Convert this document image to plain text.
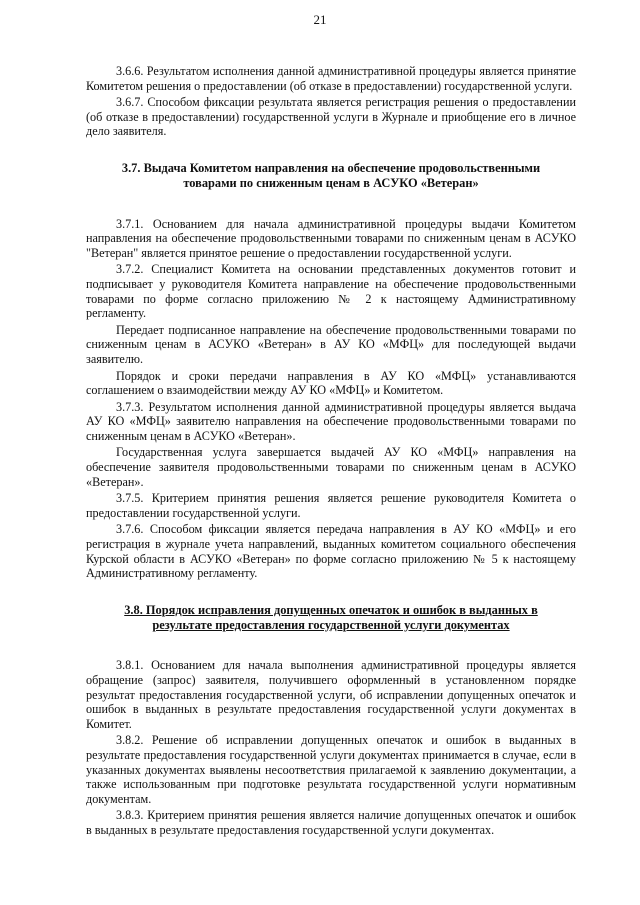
21

3.6.6. Результатом исполнения данной административной процедуры является принятие Комитетом решения о предоставлении (об отказе в предоставлении) государственной услуги.

3.6.7. Способом фиксации результата является регистрация решения о предоставлении (об отказе в предоставлении) государственной услуги в Журнале и приобщение его в личное дело заявителя.

3.7. Выдача Комитетом направления на обеспечение продовольственными
товарами по сниженным ценам в АСУКО «Ветеран»

3.7.1. Основанием для начала административной процедуры выдачи Комитетом направления на обеспечение продовольственными товарами по сниженным ценам в АСУКО "Ветеран" является принятое решение о предоставлении государственной услуги.

3.7.2. Специалист Комитета на основании представленных документов готовит и подписывает у руководителя Комитета направление на обеспечение продовольственными товарами по форме согласно приложению № 2 к настоящему Административному регламенту.

Передает подписанное направление на обеспечение продовольственными товарами по сниженным ценам в АСУКО «Ветеран» в АУ КО «МФЦ» для последующей выдачи заявителю.

Порядок и сроки передачи направления в АУ КО «МФЦ» устанавливаются соглашением о взаимодействии между АУ КО «МФЦ» и Комитетом.

3.7.3. Результатом исполнения данной административной процедуры является выдача АУ КО «МФЦ» заявителю направления на обеспечение продовольственными товарами по сниженным ценам в АСУКО «Ветеран».

Государственная услуга завершается выдачей АУ КО «МФЦ» направления на обеспечение заявителя продовольственными товарами по сниженным ценам в АСУКО «Ветеран».

3.7.5. Критерием принятия решения является решение руководителя Комитета о предоставлении государственной услуги.

3.7.6. Способом фиксации является передача направления в АУ КО «МФЦ» и его регистрация в журнале учета направлений, выданных комитетом социального обеспечения Курской области в АСУКО «Ветеран» по форме согласно приложению № 5 к настоящему Административному регламенту.

3.8. Порядок исправления допущенных опечаток и ошибок в выданных в
результате предоставления государственной услуги документах

3.8.1. Основанием для начала выполнения административной процедуры является обращение (запрос) заявителя, получившего оформленный в установленном порядке результат предоставления государственной услуги, об исправлении допущенных опечаток и ошибок в выданных в результате предоставления государственной услуги документах в Комитет.

3.8.2. Решение об исправлении допущенных опечаток и ошибок в выданных в результате предоставления государственной услуги документах принимается в случае, если в указанных документах выявлены несоответствия прилагаемой к заявлению документации, а также использованным при подготовке результата государственной услуги нормативным документам.

3.8.3. Критерием принятия решения является наличие допущенных опечаток и ошибок в выданных в результате предоставления государственной услуги документах.
